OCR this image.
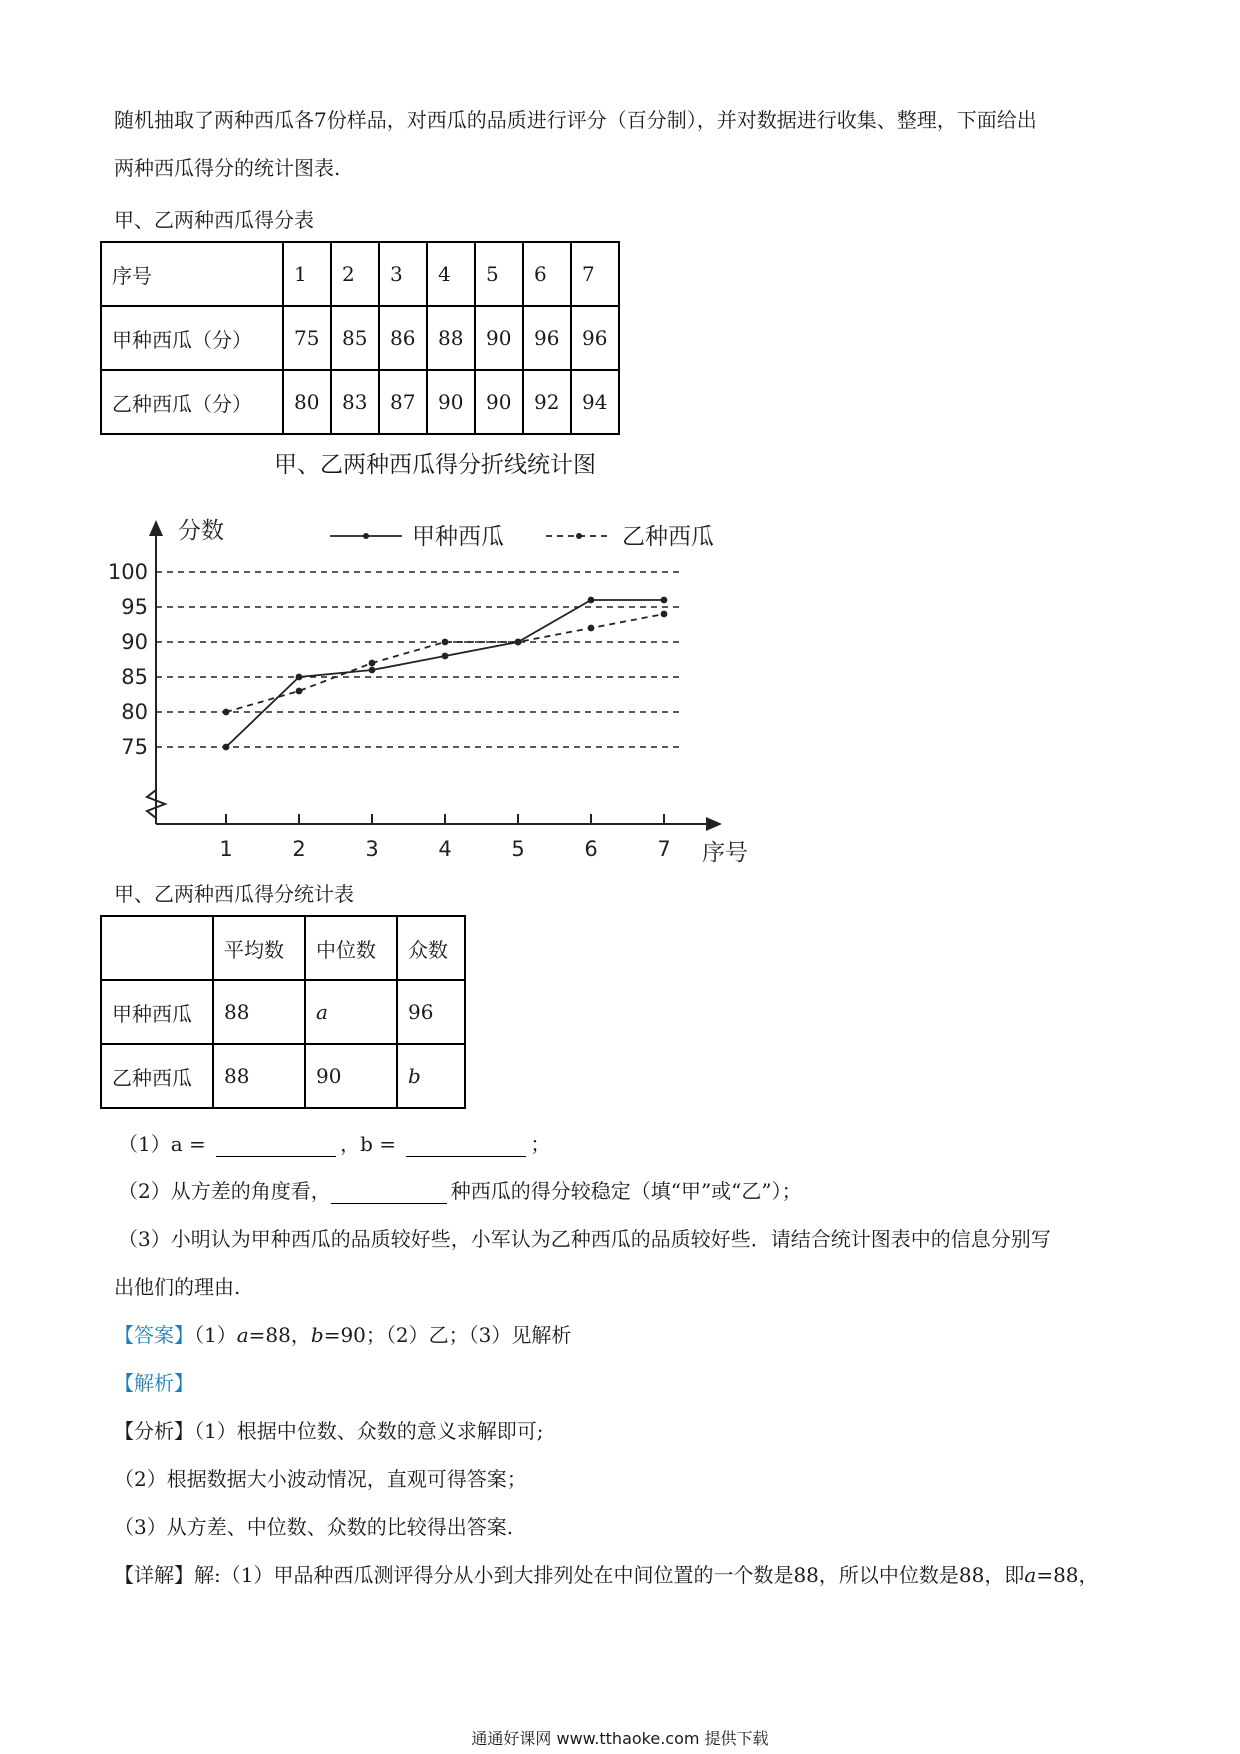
随机抽取了两种西瓜各7份样品，对西瓜的品质进行评分（百分制），并对数据进行收集、整理，下面给出
两种西瓜得分的统计图表.
甲、乙两种西瓜得分表
序号	1	2	3	4	5	6	7
甲种西瓜（分）	75	85	86	88	90	96	96
乙种西瓜（分）	80	83	87	90	90	92	94
甲、乙两种西瓜得分折线统计图
75
80
85
90
95
100
分数
1	2	3	4	5	6	7 序号
甲种西瓜	乙种西瓜
甲、乙两种西瓜得分统计表
	平均数	中位数	众数
甲种西瓜	88	a	96
乙种西瓜	88	90	b
（1）a =	，b =	；
（2）从方差的角度看，	种西瓜的得分较稳定（填“甲”或“乙”）；
（3）小明认为甲种西瓜的品质较好些，小军认为乙种西瓜的品质较好些．请结合统计图表中的信息分别写
出他们的理由.
【答案】（1）a=88，b=90；（2）乙；（3）见解析
【解析】
【分析】（1）根据中位数、众数的意义求解即可;
（2）根据数据大小波动情况，直观可得答案；
（3）从方差、中位数、众数的比较得出答案.
【详解】解:（1）甲品种西瓜测评得分从小到大排列处在中间位置的一个数是88，所以中位数是88，即a=88，
通通好课网 www.tthaoke.com 提供下载
